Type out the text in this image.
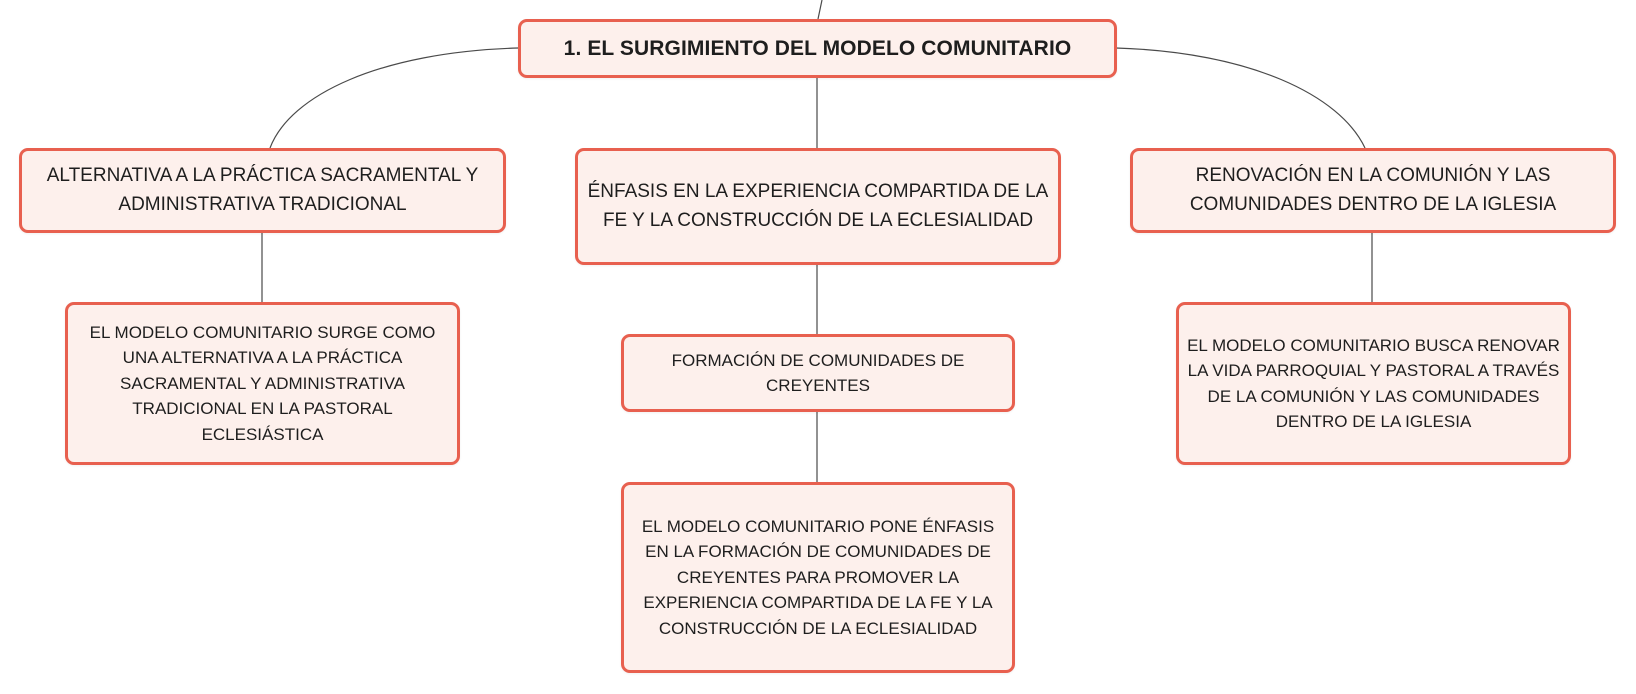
1. EL SURGIMIENTO DEL MODELO COMUNITARIO
ALTERNATIVA A LA PRÁCTICA SACRAMENTAL Y ADMINISTRATIVA TRADICIONAL
ÉNFASIS EN LA EXPERIENCIA COMPARTIDA DE LA FE Y LA CONSTRUCCIÓN DE LA ECLESIALIDAD
RENOVACIÓN EN LA COMUNIÓN Y LAS COMUNIDADES DENTRO DE LA IGLESIA
EL MODELO COMUNITARIO SURGE COMO UNA ALTERNATIVA A LA PRÁCTICA SACRAMENTAL Y ADMINISTRATIVA TRADICIONAL EN LA PASTORAL ECLESIÁSTICA
FORMACIÓN DE COMUNIDADES DE CREYENTES
EL MODELO COMUNITARIO PONE ÉNFASIS EN LA FORMACIÓN DE COMUNIDADES DE CREYENTES PARA PROMOVER LA EXPERIENCIA COMPARTIDA DE LA FE Y LA CONSTRUCCIÓN DE LA ECLESIALIDAD
EL MODELO COMUNITARIO BUSCA RENOVAR LA VIDA PARROQUIAL Y PASTORAL A TRAVÉS DE LA COMUNIÓN Y LAS COMUNIDADES DENTRO DE LA IGLESIA
